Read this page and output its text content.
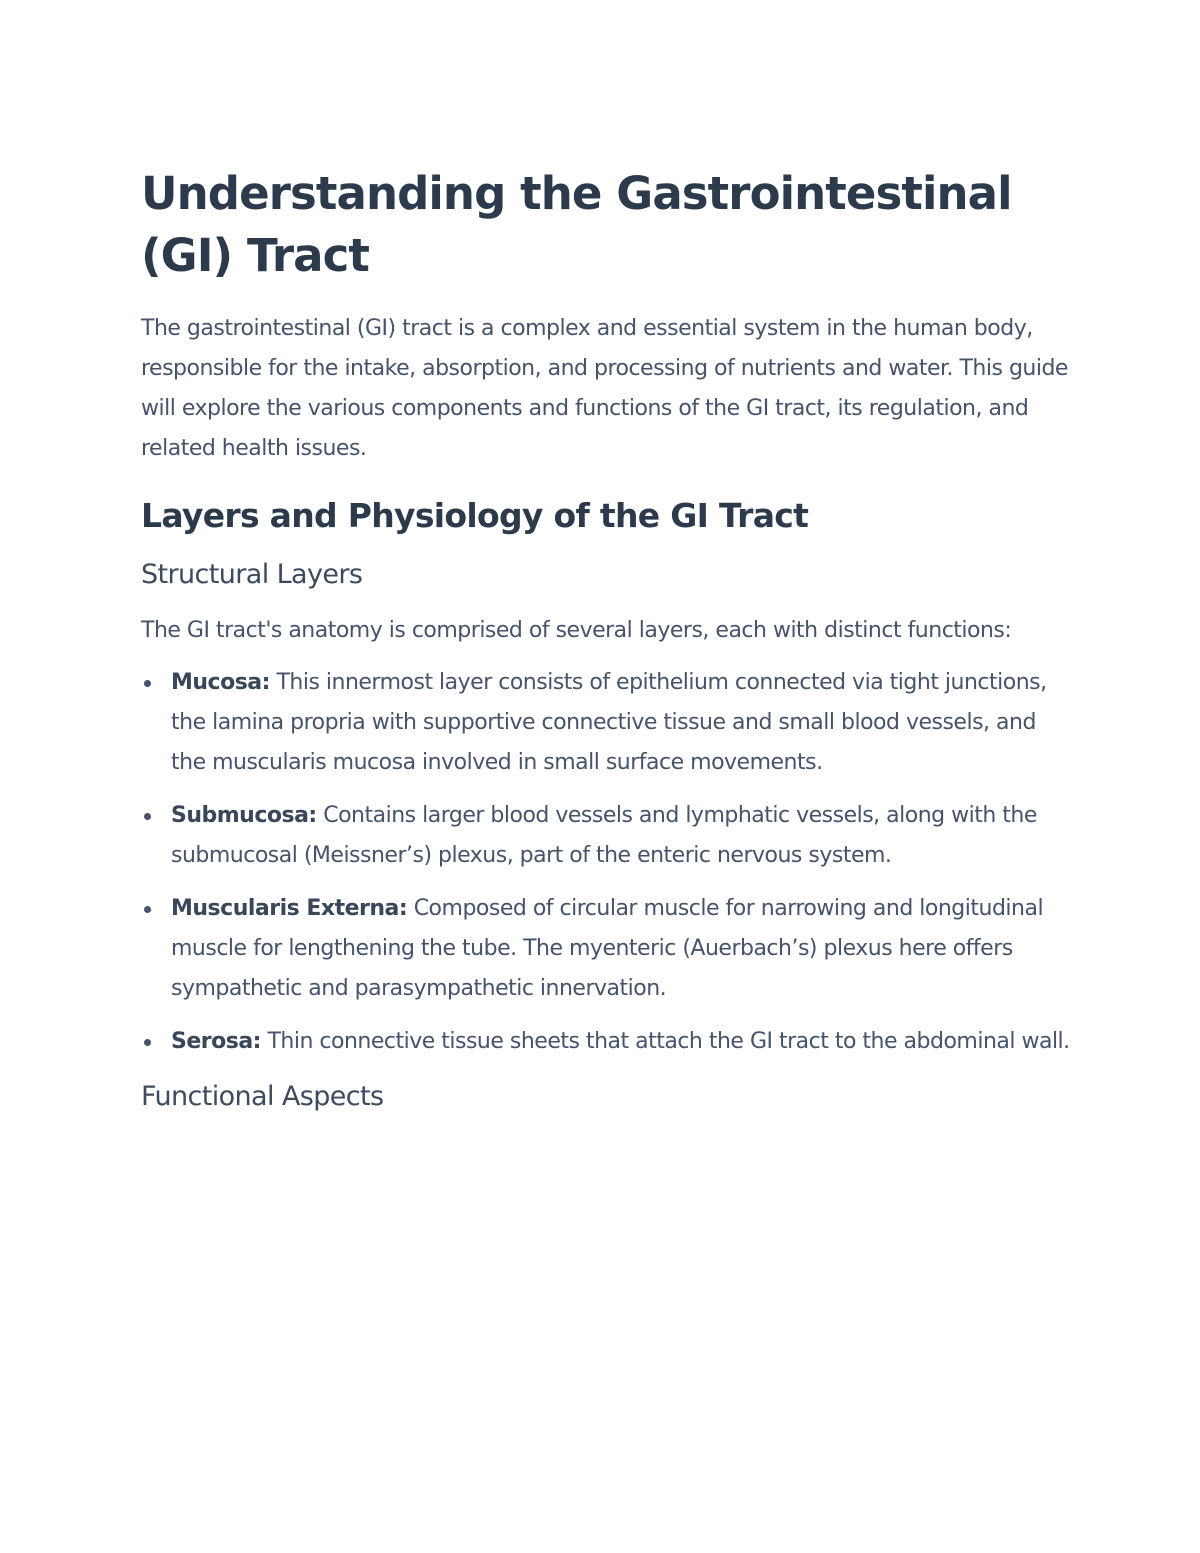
Understanding the Gastrointestinal (GI) Tract

The gastrointestinal (GI) tract is a complex and essential system in the human body, responsible for the intake, absorption, and processing of nutrients and water. This guide will explore the various components and functions of the GI tract, its regulation, and related health issues.

Layers and Physiology of the GI Tract
Structural Layers

The GI tract's anatomy is comprised of several layers, each with distinct functions:

Mucosa: This innermost layer consists of epithelium connected via tight junctions, the lamina propria with supportive connective tissue and small blood vessels, and the muscularis mucosa involved in small surface movements.
Submucosa: Contains larger blood vessels and lymphatic vessels, along with the submucosal (Meissner’s) plexus, part of the enteric nervous system.
Muscularis Externa: Composed of circular muscle for narrowing and longitudinal muscle for lengthening the tube. The myenteric (Auerbach’s) plexus here offers sympathetic and parasympathetic innervation.
Serosa: Thin connective tissue sheets that attach the GI tract to the abdominal wall.
Functional Aspects
